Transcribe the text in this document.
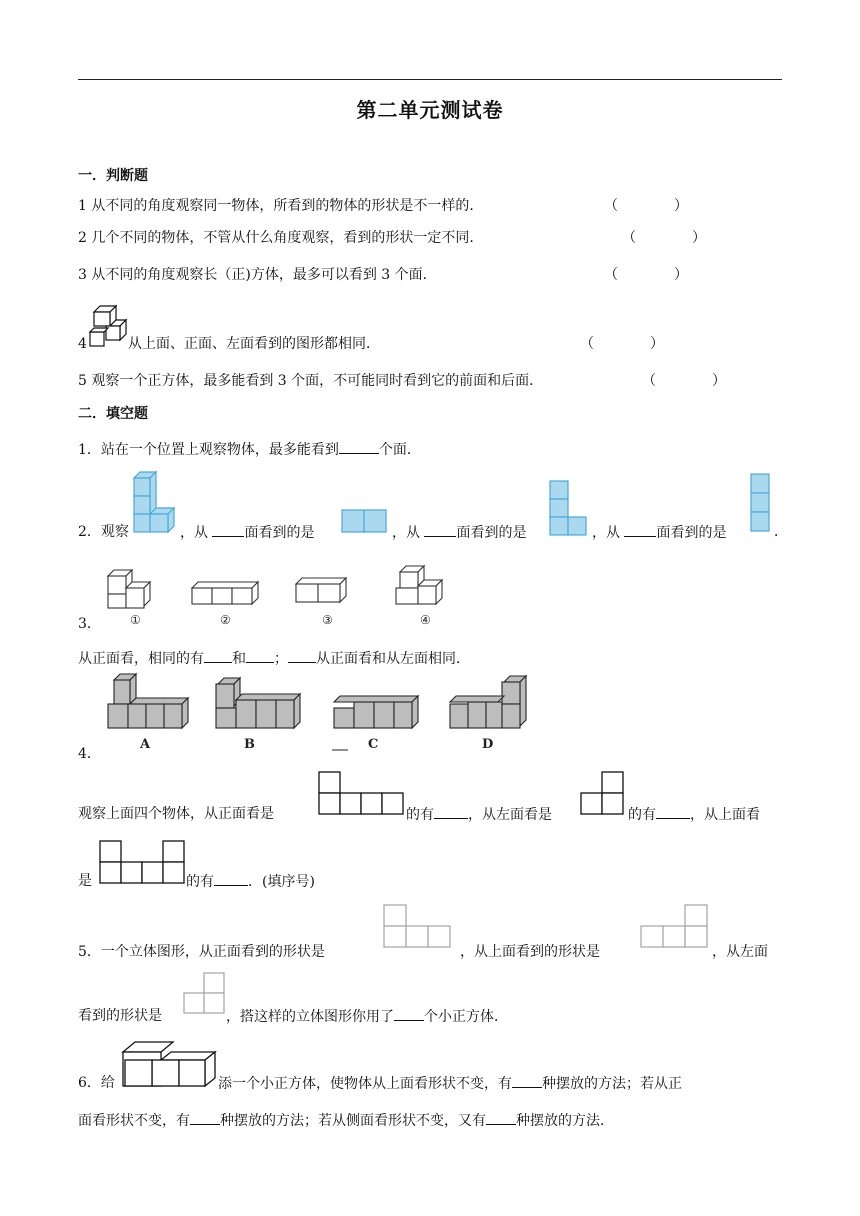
第二单元测试卷
一．判断题
1 从不同的角度观察同一物体，所看到的物体的形状是不一样的．	（　　　　）
2 几个不同的物体，不管从什么角度观察，看到的形状一定不同．	（　　　　）
3 从不同的角度观察长（正)方体，最多可以看到 3 个面．	（　　　　）
4	从上面、正面、左面看到的图形都相同．	（　　　　）
5 观察一个正方体，最多能看到 3 个面，不可能同时看到它的前面和后面．	（　　　　）
二．填空题
1．站在一个位置上观察物体，最多能看到	个面．
2．观察	，从	面看到的是	，从	面看到的是	，从	面看到的是	．
①	②	③	④
3．
从正面看，相同的有 和 ； 从正面看和从左面相同．
A	B	C	D
4．
观察上面四个物体，从正面看是	的有 ，从左面看是	的有 ，从上面看
是	的有 ．(填序号)
5．一个立体图形，从正面看到的形状是	，从上面看到的形状是	，从左面
看到的形状是	，搭这样的立体图形你用了 个小正方体．
6．给	添一个小正方体，使物体从上面看形状不变，有 种摆放的方法；若从正
面看形状不变，有 种摆放的方法；若从侧面看形状不变，又有 种摆放的方法．
